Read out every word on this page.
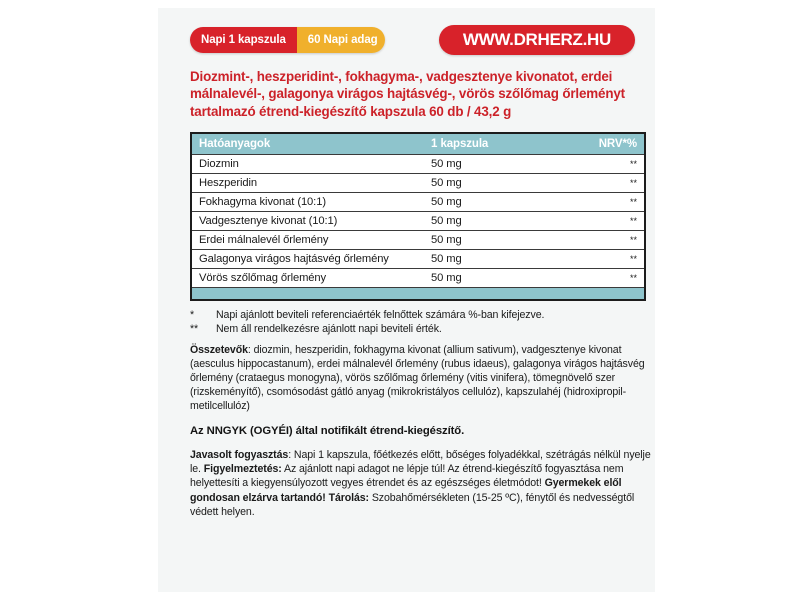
Napi 1 kapszula	60 Napi adag	WWW.DRHERZ.HU
Diozmint-, heszperidint-, fokhagyma-, vadgesztenye kivonatot, erdei málnalevél-, galagonya virágos hajtásvég-, vörös szőlőmag őrleményt tartalmazó étrend-kiegészítő kapszula 60 db / 43,2 g
Hatóanyagok	1 kapszula	NRV*%
Diozmin	50 mg	**
Heszperidin	50 mg	**
Fokhagyma kivonat (10:1)	50 mg	**
Vadgesztenye kivonat (10:1)	50 mg	**
Erdei málnalevél őrlemény	50 mg	**
Galagonya virágos hajtásvég őrlemény	50 mg	**
Vörös szőlőmag őrlemény	50 mg	**
*	Napi ajánlott beviteli referenciaérték felnőttek számára %-ban kifejezve.
**	Nem áll rendelkezésre ajánlott napi beviteli érték.
Összetevők: diozmin, heszperidin, fokhagyma kivonat (allium sativum), vadgesztenye kivonat (aesculus hippocastanum), erdei málnalevél őrlemény (rubus idaeus), galagonya virágos hajtásvég őrlemény (crataegus monogyna), vörös szőlőmag őrlemény (vitis vinifera), tömegnövelő szer (rizskeményítő), csomósodást gátló anyag (mikrokristályos cellulóz), kapszulahéj (hidroxipropil-metilcellulóz)
Az NNGYK (OGYÉI) által notifikált étrend-kiegészítő.
Javasolt fogyasztás: Napi 1 kapszula, főétkezés előtt, bőséges folyadékkal, szétrágás nélkül nyelje le. Figyelmeztetés: Az ajánlott napi adagot ne lépje túl! Az étrend-kiegészítő fogyasztása nem helyettesíti a kiegyensúlyozott vegyes étrendet és az egészséges életmódot! Gyermekek elől gondosan elzárva tartandó! Tárolás: Szobahőmérsékleten (15-25 ºC), fénytől és nedvességtől védett helyen.
